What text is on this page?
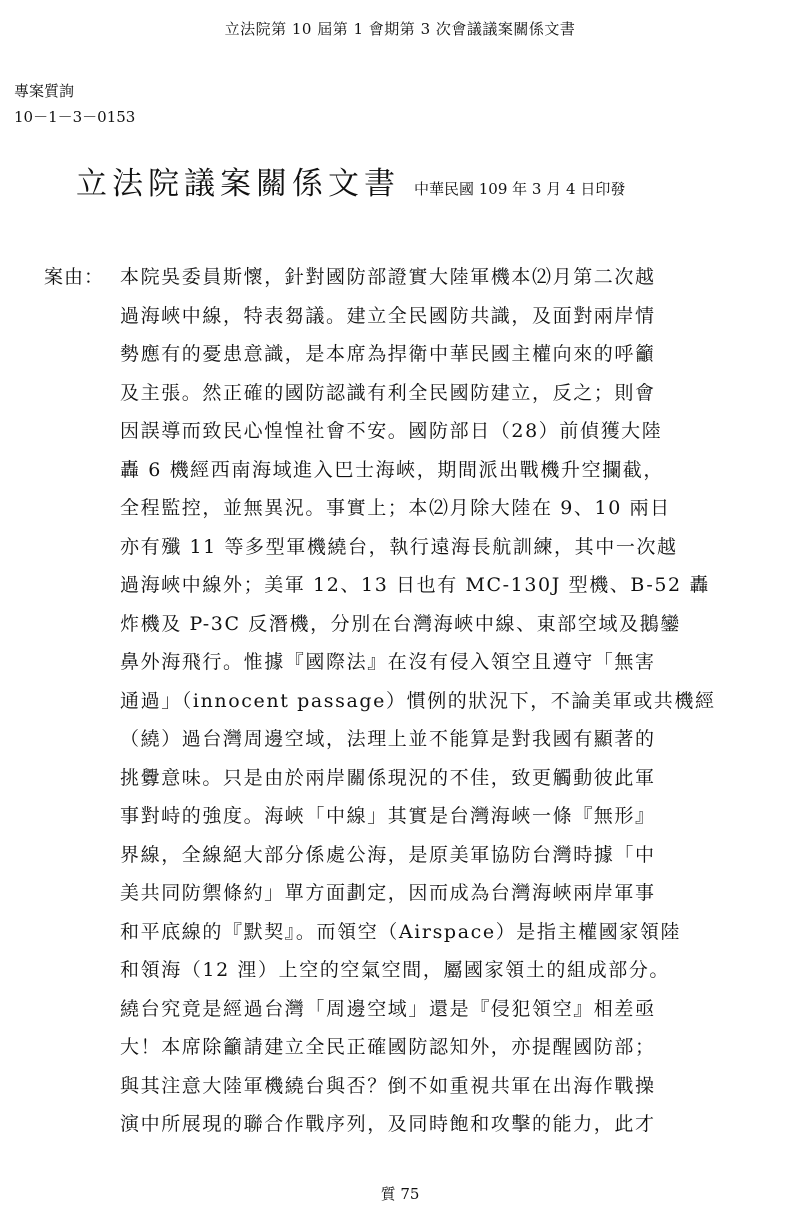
立法院第 10 屆第 1 會期第 3 次會議議案關係文書
專案質詢
10－1－3－0153
立法院議案關係文書 中華民國 109 年 3 月 4 日印發
案由： 本院吳委員斯懷，針對國防部證實大陸軍機本⑵月第二次越
過海峽中線，特表芻議。建立全民國防共識，及面對兩岸情
勢應有的憂患意識，是本席為捍衛中華民國主權向來的呼籲
及主張。然正確的國防認識有利全民國防建立，反之；則會
因誤導而致民心惶惶社會不安。國防部日（28）前偵獲大陸
轟 6 機經西南海域進入巴士海峽，期間派出戰機升空攔截，
全程監控，並無異況。事實上；本⑵月除大陸在 9、10 兩日
亦有殲 11 等多型軍機繞台，執行遠海長航訓練，其中一次越
過海峽中線外；美軍 12、13 日也有 MC-130J 型機、B-52 轟
炸機及 P-3C 反潛機，分別在台灣海峽中線、東部空域及鵝鑾
鼻外海飛行。惟據『國際法』在沒有侵入領空且遵守「無害
通過」（innocent passage）慣例的狀況下，不論美軍或共機經
（繞）過台灣周邊空域，法理上並不能算是對我國有顯著的
挑釁意味。只是由於兩岸關係現況的不佳，致更觸動彼此軍
事對峙的強度。海峽「中線」其實是台灣海峽一條『無形』
界線，全線絕大部分係處公海，是原美軍協防台灣時據「中
美共同防禦條約」單方面劃定，因而成為台灣海峽兩岸軍事
和平底線的『默契』。而領空（Airspace）是指主權國家領陸
和領海（12 浬）上空的空氣空間，屬國家領土的組成部分。
繞台究竟是經過台灣「周邊空域」還是『侵犯領空』相差亟
大！本席除籲請建立全民正確國防認知外，亦提醒國防部；
與其注意大陸軍機繞台與否？倒不如重視共軍在出海作戰操
演中所展現的聯合作戰序列，及同時飽和攻擊的能力，此才
質 75
